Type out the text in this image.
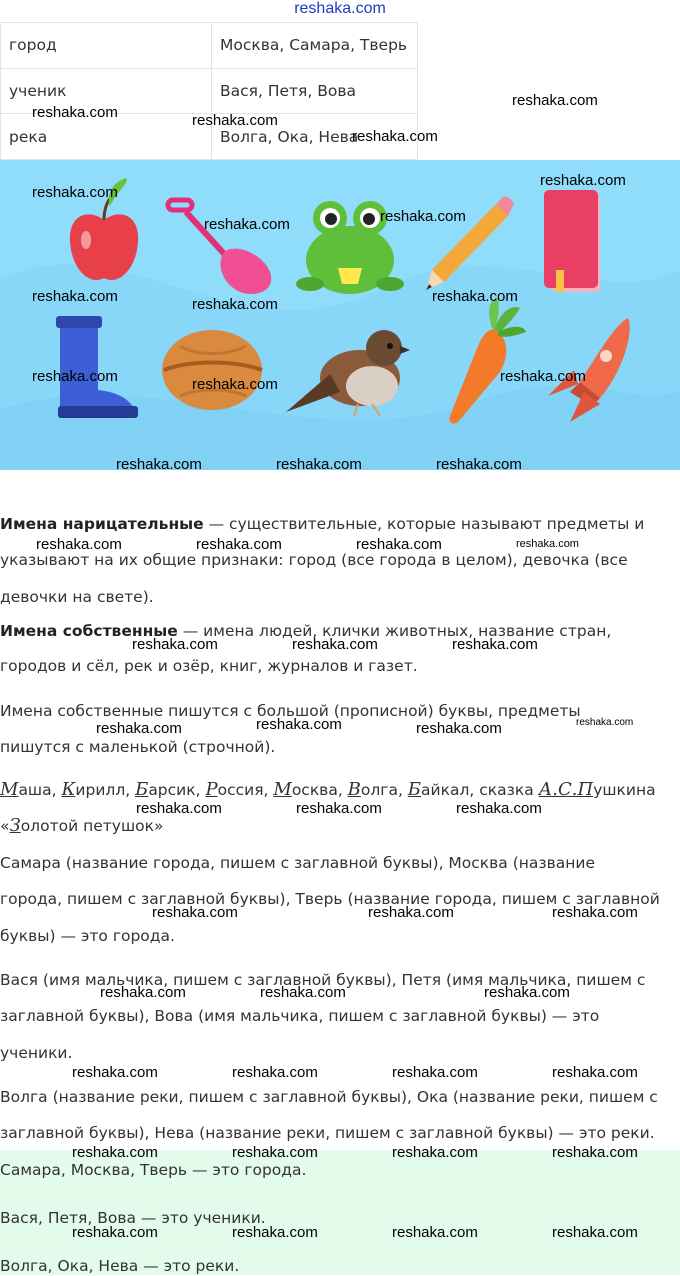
reshaka.com
город	Москва, Самара, Тверь
ученик	Вася, Петя, Вова
река	Волга, Ока, Нева
Имена нарицательные — существительные, которые называют предметы и
указывают на их общие признаки: город (все города в целом), девочка (все
девочки на свете).
Имена собственные — имена людей, клички животных, название стран,
городов и сёл, рек и озёр, книг, журналов и газет.
Имена собственные пишутся с большой (прописной) буквы, предметы
пишутся с маленькой (строчной).
Маша, Кирилл, Барсик, Россия, Москва, Волга, Байкал, сказка А.С.Пушкина
«Золотой петушок»
Самара (название города, пишем с заглавной буквы), Москва (название
города, пишем с заглавной буквы), Тверь (название города, пишем с заглавной
буквы) — это города.
Вася (имя мальчика, пишем с заглавной буквы), Петя (имя мальчика, пишем с
заглавной буквы), Вова (имя мальчика, пишем с заглавной буквы) — это
ученики.
Волга (название реки, пишем с заглавной буквы), Ока (название реки, пишем с
заглавной буквы), Нева (название реки, пишем с заглавной буквы) — это реки.
Самара, Москва, Тверь — это города.
Вася, Петя, Вова — это ученики.
Волга, Ока, Нева — это реки.
reshaka.com
reshaka.com	reshaka.com
reshaka.com
reshaka.com
reshaka.com
reshaka.com
reshaka.com
reshaka.com	reshaka.com
reshaka.com
reshaka.com	reshaka.com
reshaka.com
reshaka.com	reshaka.com	reshaka.com
reshaka.com	reshaka.com	reshaka.com	reshaka.com
reshaka.com	reshaka.com	reshaka.com
reshaka.com	reshaka.com
reshaka.com	reshaka.com
reshaka.com	reshaka.com	reshaka.com
reshaka.com	reshaka.com	reshaka.com
reshaka.com	reshaka.com	reshaka.com
reshaka.com	reshaka.com	reshaka.com	reshaka.com
reshaka.com	reshaka.com	reshaka.com	reshaka.com
reshaka.com	reshaka.com	reshaka.com	reshaka.com
